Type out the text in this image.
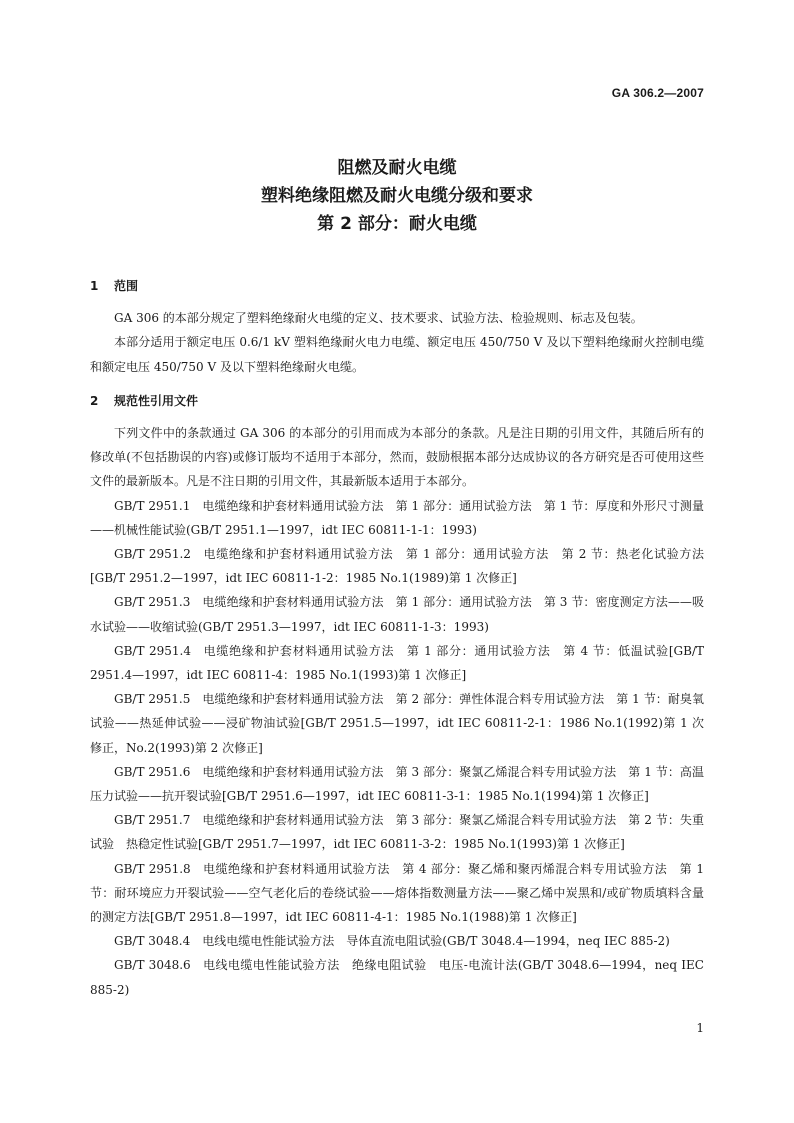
GA 306.2—2007
阻燃及耐火电缆
塑料绝缘阻燃及耐火电缆分级和要求
第 2 部分：耐火电缆
1 范围

GA 306 的本部分规定了塑料绝缘耐火电缆的定义、技术要求、试验方法、检验规则、标志及包装。

本部分适用于额定电压 0.6/1 kV 塑料绝缘耐火电力电缆、额定电压 450/750 V 及以下塑料绝缘耐火控制电缆和额定电压 450/750 V 及以下塑料绝缘耐火电缆。

2 规范性引用文件

下列文件中的条款通过 GA 306 的本部分的引用而成为本部分的条款。凡是注日期的引用文件，其随后所有的修改单(不包括勘误的内容)或修订版均不适用于本部分，然而，鼓励根据本部分达成协议的各方研究是否可使用这些文件的最新版本。凡是不注日期的引用文件，其最新版本适用于本部分。

GB/T 2951.1 电缆绝缘和护套材料通用试验方法　第 1 部分：通用试验方法　第 1 节：厚度和外形尺寸测量——机械性能试验(GB/T 2951.1—1997，idt IEC 60811-1-1：1993)

GB/T 2951.2 电缆绝缘和护套材料通用试验方法　第 1 部分：通用试验方法　第 2 节：热老化试验方法[GB/T 2951.2—1997，idt IEC 60811-1-2：1985 No.1(1989)第 1 次修正]

GB/T 2951.3 电缆绝缘和护套材料通用试验方法　第 1 部分：通用试验方法　第 3 节：密度测定方法——吸水试验——收缩试验(GB/T 2951.3—1997，idt IEC 60811-1-3：1993)

GB/T 2951.4 电缆绝缘和护套材料通用试验方法　第 1 部分：通用试验方法　第 4 节：低温试验[GB/T 2951.4—1997，idt IEC 60811-4：1985 No.1(1993)第 1 次修正]

GB/T 2951.5 电缆绝缘和护套材料通用试验方法　第 2 部分：弹性体混合料专用试验方法　第 1 节：耐臭氧试验——热延伸试验——浸矿物油试验[GB/T 2951.5—1997，idt IEC 60811-2-1：1986 No.1(1992)第 1 次修正，No.2(1993)第 2 次修正]

GB/T 2951.6 电缆绝缘和护套材料通用试验方法　第 3 部分：聚氯乙烯混合料专用试验方法　第 1 节：高温压力试验——抗开裂试验[GB/T 2951.6—1997，idt IEC 60811-3-1：1985 No.1(1994)第 1 次修正]

GB/T 2951.7 电缆绝缘和护套材料通用试验方法　第 3 部分：聚氯乙烯混合料专用试验方法　第 2 节：失重试验　热稳定性试验[GB/T 2951.7—1997，idt IEC 60811-3-2：1985 No.1(1993)第 1 次修正]

GB/T 2951.8 电缆绝缘和护套材料通用试验方法　第 4 部分：聚乙烯和聚丙烯混合料专用试验方法　第 1 节：耐环境应力开裂试验——空气老化后的卷绕试验——熔体指数测量方法——聚乙烯中炭黑和/或矿物质填料含量的测定方法[GB/T 2951.8—1997，idt IEC 60811-4-1：1985 No.1(1988)第 1 次修正]

GB/T 3048.4 电线电缆电性能试验方法　导体直流电阻试验(GB/T 3048.4—1994，neq IEC 885-2)

GB/T 3048.6 电线电缆电性能试验方法　绝缘电阻试验　电压-电流计法(GB/T 3048.6—1994，neq IEC 885-2)

1
